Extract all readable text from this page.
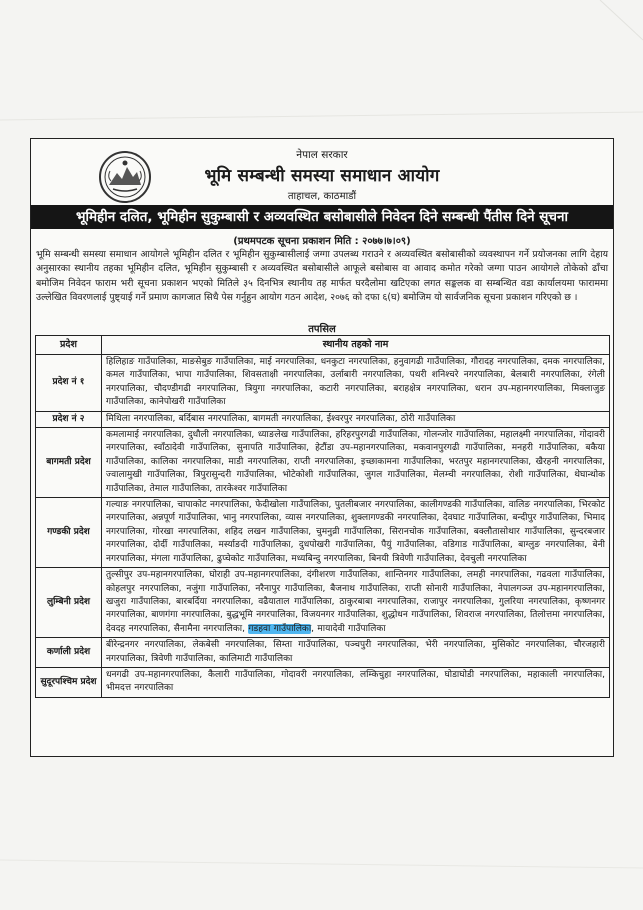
नेपाल सरकार
भूमि सम्बन्धी समस्या समाधान आयोग
ताहाचल, काठमाडौं
भूमिहीन दलित, भूमिहीन सुकुम्बासी र अव्यवस्थित बसोबासीले निवेदन दिने सम्बन्धी पैंतीस दिने सूचना
(प्रथमपटक सूचना प्रकाशन मिति : २०७७।७।०९)
भूमि सम्बन्धी समस्या समाधान आयोगले भूमिहीन दलित र भूमिहीन सुकुम्बासीलाई जग्गा उपलब्ध गराउने र अव्यवस्थित बसोबासीको व्यवस्थापन गर्ने प्रयोजनका लागि देहाय अनुसारका स्थानीय तहका भूमिहीन दलित, भूमिहीन सुकुम्बासी र अव्यवस्थित बसोबासीले आफूले बसोबास वा आवाद कमोत गरेको जग्गा पाउन आयोगले तोकेको ढाँचा बमोजिम निवेदन फाराम भरी सूचना प्रकाशन भएको मितिले ३५ दिनभित्र स्थानीय तह मार्फत घरदैलोमा खटिएका लगत सङ्कलक वा सम्बन्धित वडा कार्यालयमा फाराममा उल्लेखित विवरणलाई पुष्ट्याई गर्ने प्रमाण कागजात सिधै पेस गर्नुहुन आयोग गठन आदेश, २०७६ को दफा ६(घ) बमोजिम यो सार्वजनिक सूचना प्रकाशन गरिएको छ ।
तपसिल
प्रदेश	स्थानीय तहको नाम
प्रदेश नं १	हिलिहाङ गाउँपालिका, माङसेबुङ गाउँपालिका, माई नगरपालिका, धनकुटा नगरपालिका, हनुवागढी गाउँपालिका, गौरादह नगरपालिका, दमक नगरपालिका, कमल गाउँपालिका, भापा गाउँपालिका, शिवसताक्षी नगरपालिका, उर्लाबारी नगरपालिका, पथरी शनिश्चरे नगरपालिका, बेलबारी नगरपालिका, रंगेली नगरपालिका, चौदण्डीगढी नगरपालिका, त्रियुगा नगरपालिका, कटारी नगरपालिका, बराहक्षेत्र नगरपालिका, धरान उप-महानगरपालिका, मिक्लाजुङ गाउँपालिका, कानेपोखरी गाउँपालिका
प्रदेश नं २	मिथिला नगरपालिका, बर्दिबास नगरपालिका, बागमती नगरपालिका, ईश्वरपुर नगरपालिका, ठोरी गाउँपालिका
बागमती प्रदेश	कमलामाई नगरपालिका, दुधौली नगरपालिका, ध्याङलेख गाउँपालिका, हरिहरपुरगढी गाउँपालिका, गोलन्जोर गाउँपालिका, महालक्ष्मी नगरपालिका, गोदावरी नगरपालिका, स्वाँठादेवी गाउँपालिका, सुनापति गाउँपालिका, हेटौंडा उप-महानगरपालिका, मकवानपुरगढी गाउँपालिका, मनहरी गाउँपालिका, बकैया गाउँपालिका, कालिका नगरपालिका, माडी नगरपालिका, राप्ती नगरपालिका, इच्छाकामना गाउँपालिका, भरतपुर महानगरपालिका, खैरहनी नगरपालिका, ज्वालामुखी गाउँपालिका, त्रिपुरासुन्दरी गाउँपालिका, भोटेकोशी गाउँपालिका, जुगल गाउँपालिका, मेलम्ची नगरपालिका, रोशी गाउँपालिका, थेघान्थोक गाउँपालिका, तेमाल गाउँपालिका, तारकेश्वर गाउँपालिका
गण्डकी प्रदेश	गल्याङ नगरपालिका, चापाकोट नगरपालिका, फेदीखोला गाउँपालिका, पुतलीबजार नगरपालिका, कालीगण्डकी गाउँपालिका, वालिङ नगरपालिका, भिरकोट नगरपालिका, अन्नपूर्ण गाउँपालिका, भानु नगरपालिका, व्यास नगरपालिका, शुक्लागण्डकी नगरपालिका, देवघाट गाउँपालिका, बन्दीपुर गाउँपालिका, भिमाद नगरपालिका, गोरखा नगरपालिका, शहिद लखन गाउँपालिका, चुमनुव्री गाउँपालिका, सिरानचोक गाउँपालिका, बक्लौतासोथार गाउँपालिका, सुन्दरबजार नगरपालिका, दोर्दी गाउँपालिका, मर्स्याङदी गाउँपालिका, दुधपोखरी गाउँपालिका, पैयुं गाउँपालिका, वडिगाड गाउँपालिका, बाग्लुङ नगरपालिका, बेनी नगरपालिका, मंगला गाउँपालिका, ढुप्चेकोट गाउँपालिका, मध्यबिन्दु नगरपालिका, बिनयी त्रिवेणी गाउँपालिका, देवचुली नगरपालिका
लुम्बिनी प्रदेश	तुल्सीपुर उप-महानगरपालिका, घोराही उप-महानगरपालिका, दंगीशरण गाउँपालिका, शान्तिनगर गाउँपालिका, लमही नगरपालिका, गढवला गाउँपालिका, कोहलपुर नगरपालिका, नजुंगा गाउँपालिका, नरैनापुर गाउँपालिका, बैजनाथ गाउँपालिका, राप्ती सोनारी गाउँपालिका, नेपालगञ्ज उप-महानगरपालिका, खजुरा गाउँपालिका, बारबर्दिया नगरपालिका, वढैयाताल गाउँपालिका, ठाकुरबाबा नगरपालिका, राजापुर नगरपालिका, गुलरिया नगरपालिका, कृष्णनगर नगरपालिका, बाणगंगा नगरपालिका, बुद्धभूमि नगरपालिका, विजयनगर गाउँपालिका, शुद्धोधन गाउँपालिका, शिवराज नगरपालिका, तिलोत्तमा नगरपालिका, देवदह नगरपालिका, सैनामैना नगरपालिका, गडहवा गाउँपालिका, मायादेवी गाउँपालिका
कर्णाली प्रदेश	बीरेन्द्रनगर नगरपालिका, लेकबेसी नगरपालिका, सिम्ता गाउँपालिका, पञ्चपुरी नगरपालिका, भेरी नगरपालिका, मुसिकोट नगरपालिका, चौरजहारी नगरपालिका, त्रिवेणी गाउँपालिका, कालिमाटी गाउँपालिका
सुदूरपश्चिम प्रदेश	धनगढी उप-महानगरपालिका, कैलारी गाउँपालिका, गोदावरी नगरपालिका, लम्किचुहा नगरपालिका, घोडाघोडी नगरपालिका, महाकाली नगरपालिका, भीमदत्त नगरपालिका
